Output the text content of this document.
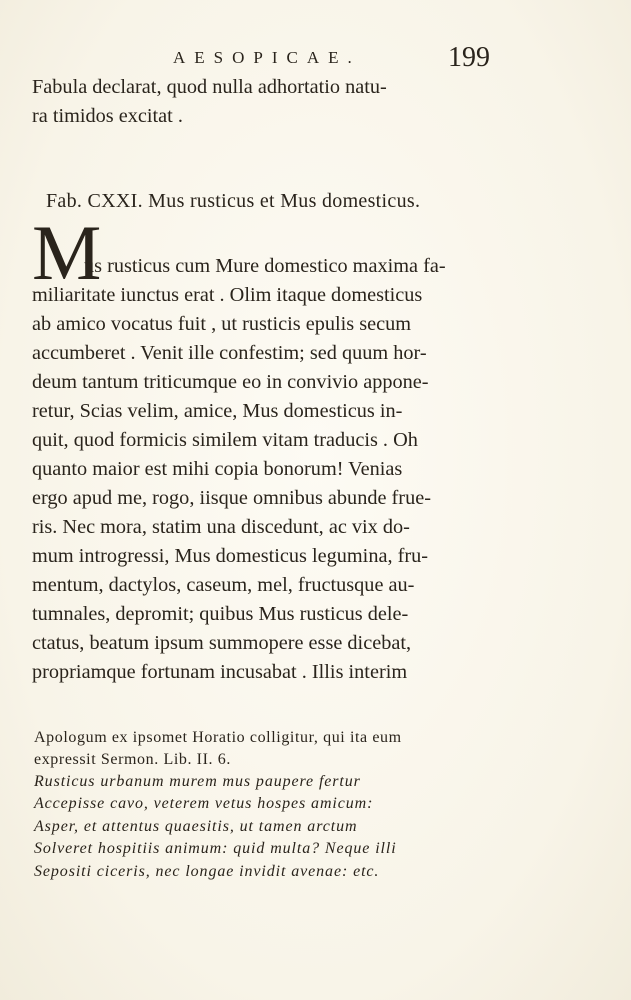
AESOPICAE.	199
Fabula declarat, quod nulla adhortatio natu-
ra timidos excitat .
Fab. CXXI. Mus rusticus et Mus domesticus.
M
us rusticus cum Mure domestico maxima fa-
miliaritate iunctus erat . Olim itaque domesticus
ab amico vocatus fuit , ut rusticis epulis secum
accumberet . Venit ille confestim; sed quum hor-
deum tantum triticumque eo in convivio appone-
retur, Scias velim, amice, Mus domesticus in-
quit, quod formicis similem vitam traducis . Oh
quanto maior est mihi copia bonorum! Venias
ergo apud me, rogo, iisque omnibus abunde frue-
ris. Nec mora, statim una discedunt, ac vix do-
mum introgressi, Mus domesticus legumina, fru-
mentum, dactylos, caseum, mel, fructusque au-
tumnales, depromit; quibus Mus rusticus dele-
ctatus, beatum ipsum summopere esse dicebat,
propriamque fortunam incusabat . Illis interim
Apologum ex ipsomet Horatio colligitur, qui ita eum
expressit Sermon. Lib. II. 6.
Rusticus urbanum murem mus paupere fertur
Accepisse cavo, veterem vetus hospes amicum:
Asper, et attentus quaesitis, ut tamen arctum
Solveret hospitiis animum: quid multa? Neque illi
Sepositi ciceris, nec longae invidit avenae: etc.
